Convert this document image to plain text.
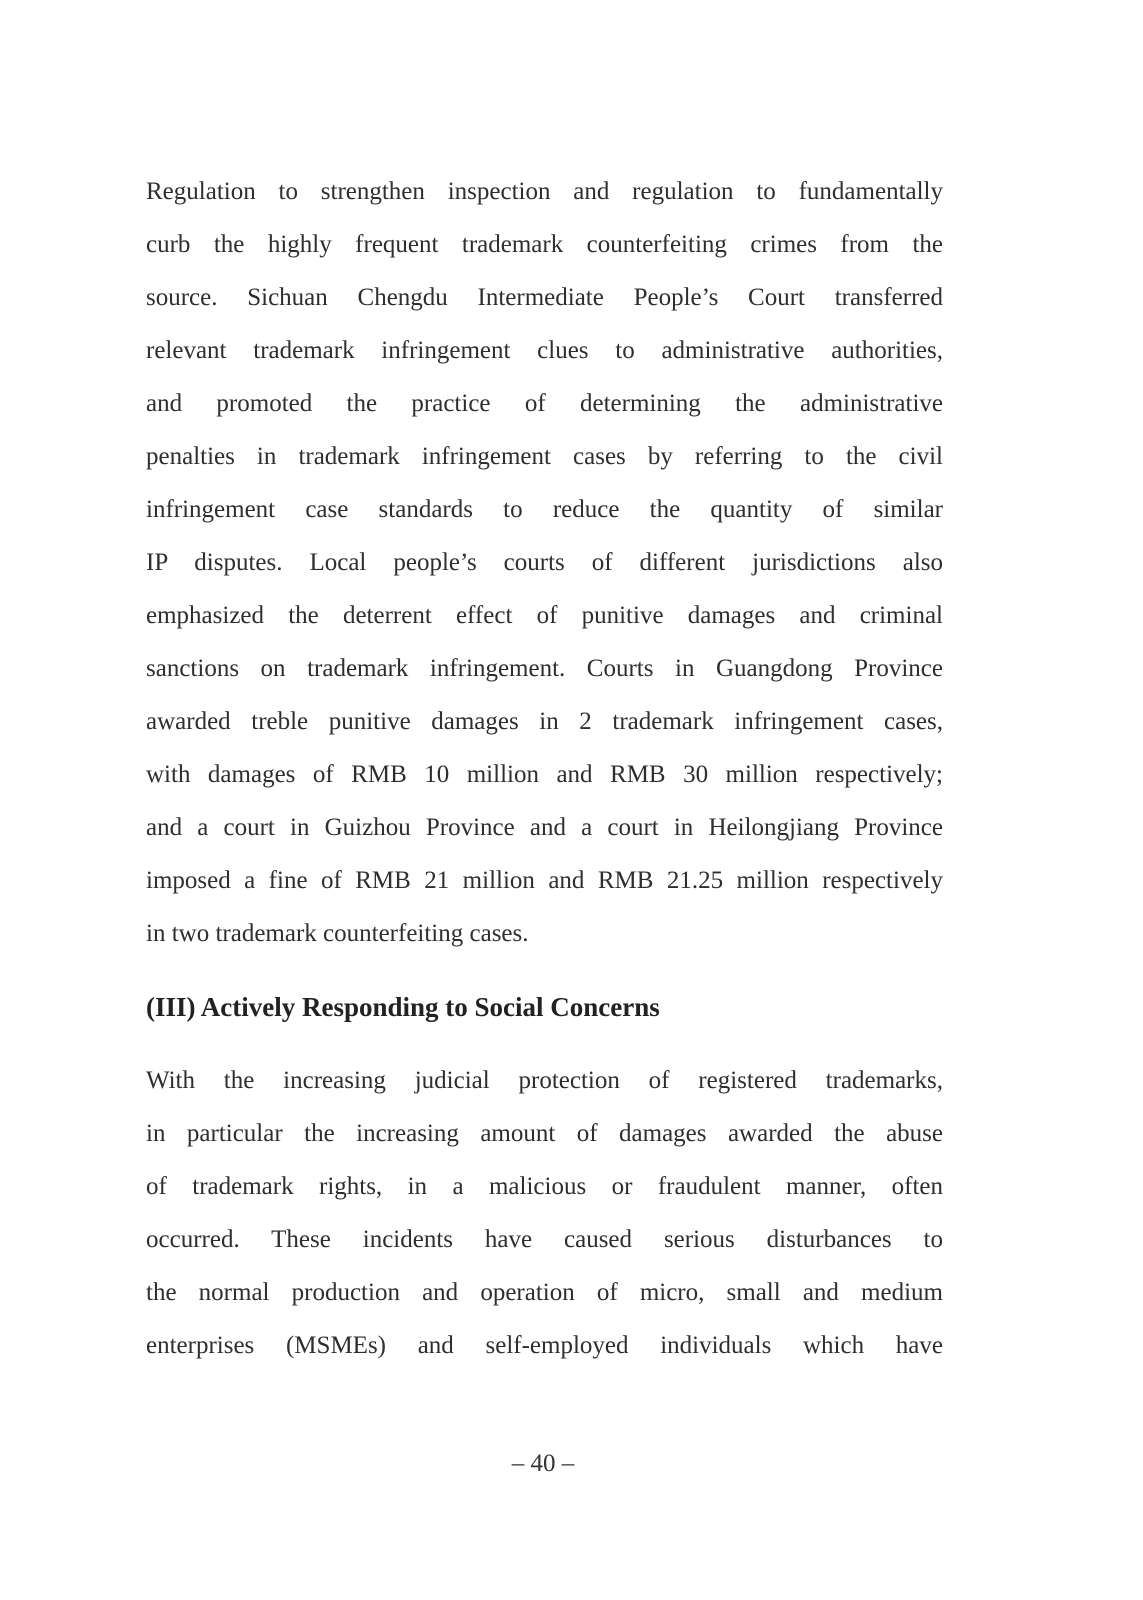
Regulation to strengthen inspection and regulation to fundamentally
curb the highly frequent trademark counterfeiting crimes from the
source. Sichuan Chengdu Intermediate People’s Court transferred
relevant trademark infringement clues to administrative authorities,
and promoted the practice of determining the administrative
penalties in trademark infringement cases by referring to the civil
infringement case standards to reduce the quantity of similar
IP disputes. Local people’s courts of different jurisdictions also
emphasized the deterrent effect of punitive damages and criminal
sanctions on trademark infringement. Courts in Guangdong Province
awarded treble punitive damages in 2 trademark infringement cases,
with damages of RMB 10 million and RMB 30 million respectively;
and a court in Guizhou Province and a court in Heilongjiang Province
imposed a fine of RMB 21 million and RMB 21.25 million respectively
in two trademark counterfeiting cases.
(III) Actively Responding to Social Concerns
With the increasing judicial protection of registered trademarks,
in particular the increasing amount of damages awarded the abuse
of trademark rights, in a malicious or fraudulent manner, often
occurred. These incidents have caused serious disturbances to
the normal production and operation of micro, small and medium
enterprises (MSMEs) and self-employed individuals which have
– 40 –
